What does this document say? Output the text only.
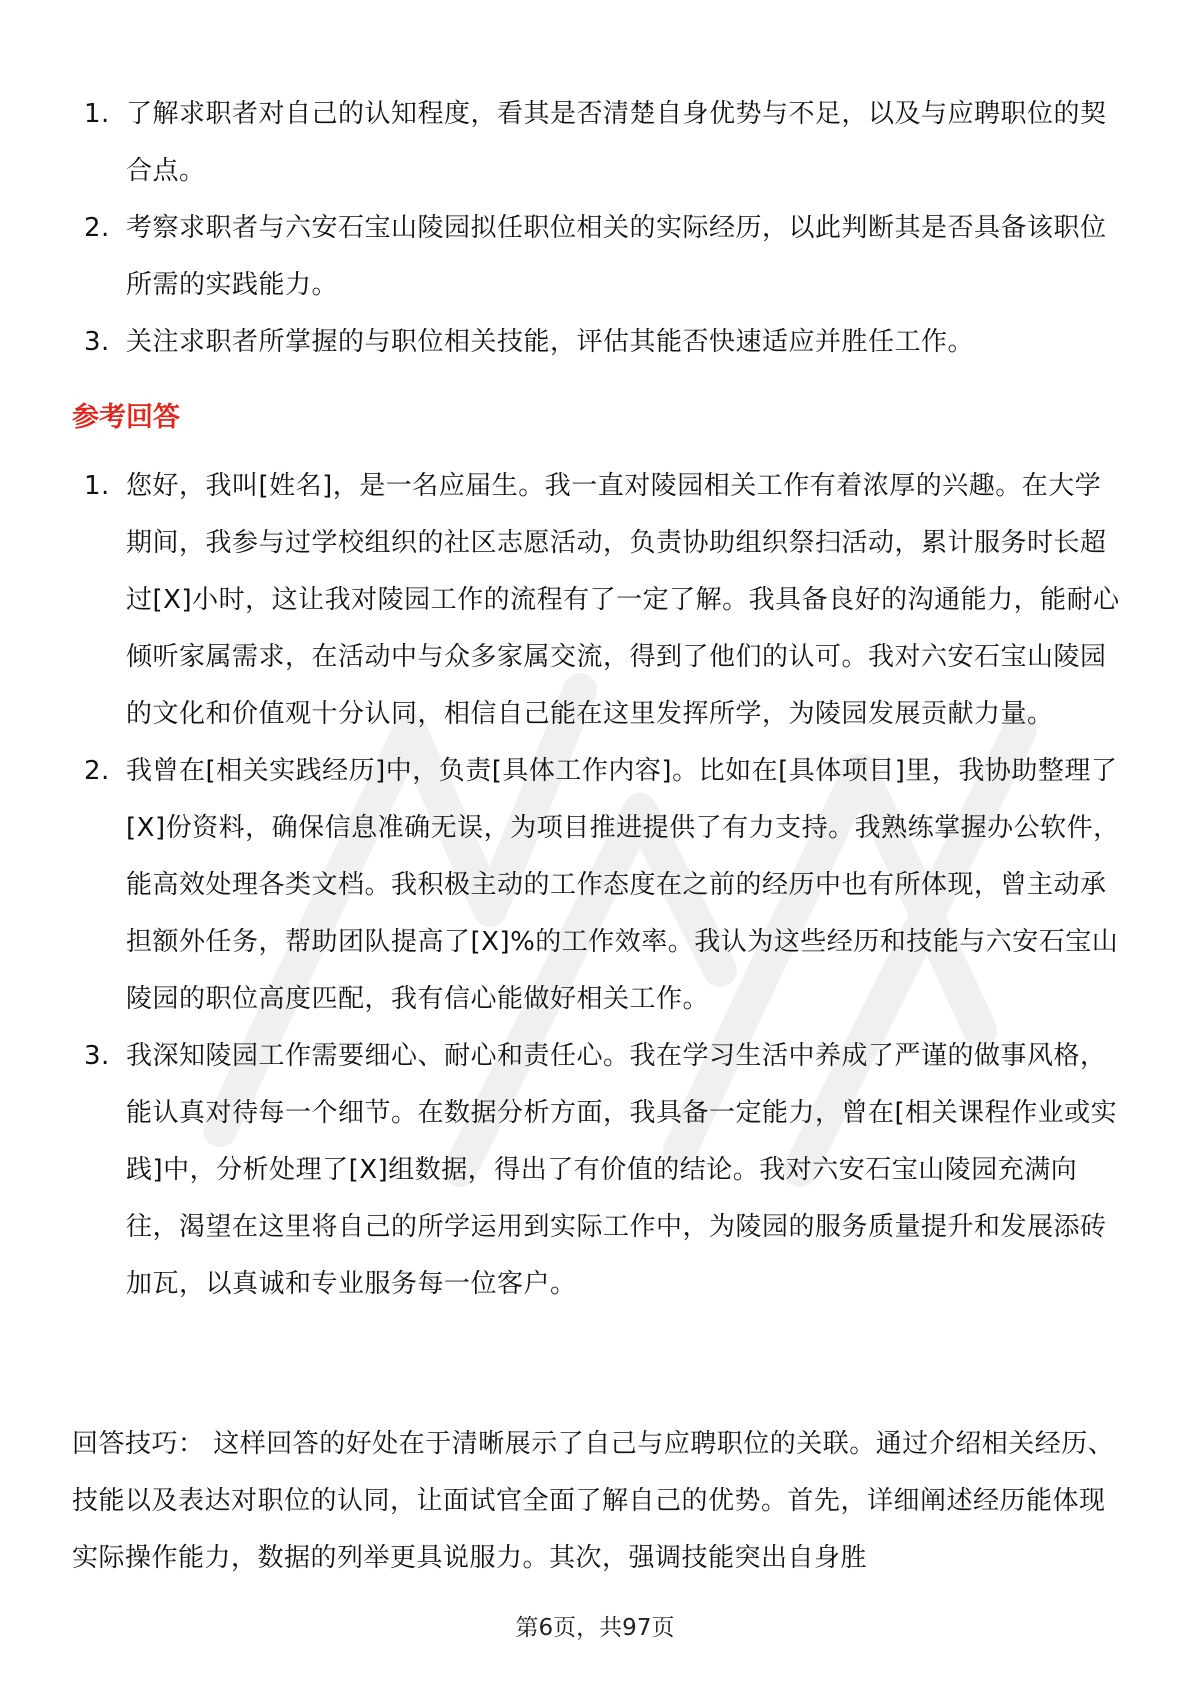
1. 了解求职者对自己的认知程度，看其是否清楚自身优势与不足，以及与应聘职位的契合点。
2. 考察求职者与六安石宝山陵园拟任职位相关的实际经历，以此判断其是否具备该职位所需的实践能力。
3. 关注求职者所掌握的与职位相关技能，评估其能否快速适应并胜任工作。
参考回答
1. 您好，我叫[姓名]，是一名应届生。我一直对陵园相关工作有着浓厚的兴趣。在大学期间，我参与过学校组织的社区志愿活动，负责协助组织祭扫活动，累计服务时长超过[X]小时，这让我对陵园工作的流程有了一定了解。我具备良好的沟通能力，能耐心倾听家属需求，在活动中与众多家属交流，得到了他们的认可。我对六安石宝山陵园的文化和价值观十分认同，相信自己能在这里发挥所学，为陵园发展贡献力量。
2. 我曾在[相关实践经历]中，负责[具体工作内容]。比如在[具体项目]里，我协助整理了[X]份资料，确保信息准确无误，为项目推进提供了有力支持。我熟练掌握办公软件，能高效处理各类文档。我积极主动的工作态度在之前的经历中也有所体现，曾主动承担额外任务，帮助团队提高了[X]%的工作效率。我认为这些经历和技能与六安石宝山陵园的职位高度匹配，我有信心能做好相关工作。
3. 我深知陵园工作需要细心、耐心和责任心。我在学习生活中养成了严谨的做事风格，能认真对待每一个细节。在数据分析方面，我具备一定能力，曾在[相关课程作业或实践]中，分析处理了[X]组数据，得出了有价值的结论。我对六安石宝山陵园充满向往，渴望在这里将自己的所学运用到实际工作中，为陵园的服务质量提升和发展添砖加瓦，以真诚和专业服务每一位客户。

回答技巧： 这样回答的好处在于清晰展示了自己与应聘职位的关联。通过介绍相关经历、技能以及表达对职位的认同，让面试官全面了解自己的优势。首先，详细阐述经历能体现实际操作能力，数据的列举更具说服力。其次，强调技能突出自身胜

第6页，共97页
